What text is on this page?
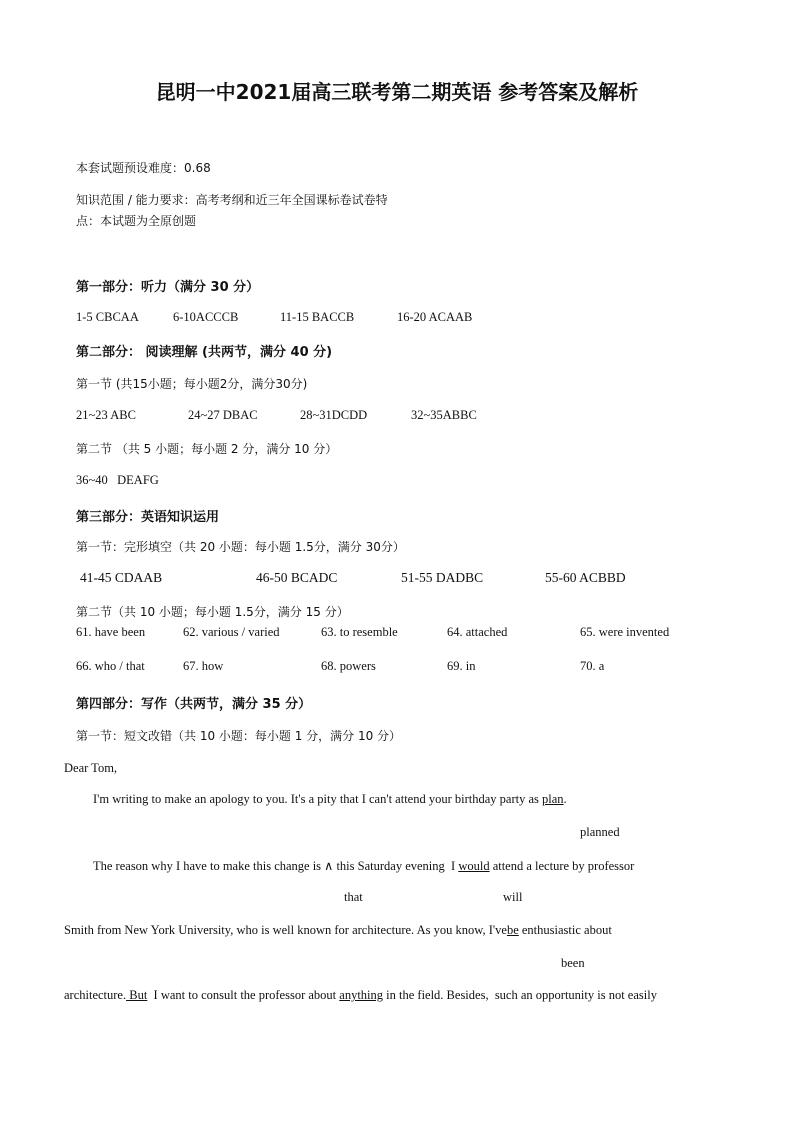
昆明一中2021届高三联考第二期英语 参考答案及解析
本套试题预设难度：0.68
知识范围 / 能力要求：高考考纲和近三年全国课标卷试卷特
点：本试题为全原创题
第一部分：听力（满分 30 分）
1-5 CBCAA	6-10ACCCB	11-15 BACCB	16-20 ACAAB
第二部分： 阅读理解 (共两节，满分 40 分)
第一节 (共15小题；每小题2分，满分30分)
21~23 ABC	24~27 DBAC	28~31DCDD	32~35ABBC
第二节 （共 5 小题；每小题 2 分，满分 10 分）
36~40   DEAFG
第三部分：英语知识运用
第一节：完形填空（共 20 小题：每小题 1.5分，满分 30分）
41-45 CDAAB	46-50 BCADC	51-55 DADBC	55-60 ACBBD
第二节（共 10 小题；每小题 1.5分，满分 15 分）
61. have been	62. various / varied	63. to resemble	64. attached	65. were invented
66. who / that	67. how	68. powers	69. in	70. a
第四部分：写作（共两节，满分 35 分）
第一节：短文改错（共 10 小题：每小题 1 分，满分 10 分）
Dear Tom,
I'm writing to make an apology to you. It's a pity that I can't attend your birthday party as plan.
planned
The reason why I have to make this change is ∧ this Saturday evening  I would attend a lecture by professor
that	will
Smith from New York University, who is well known for architecture. As you know, I'vebe enthusiastic about
been
architecture. But  I want to consult the professor about anything in the field. Besides,  such an opportunity is not easily
